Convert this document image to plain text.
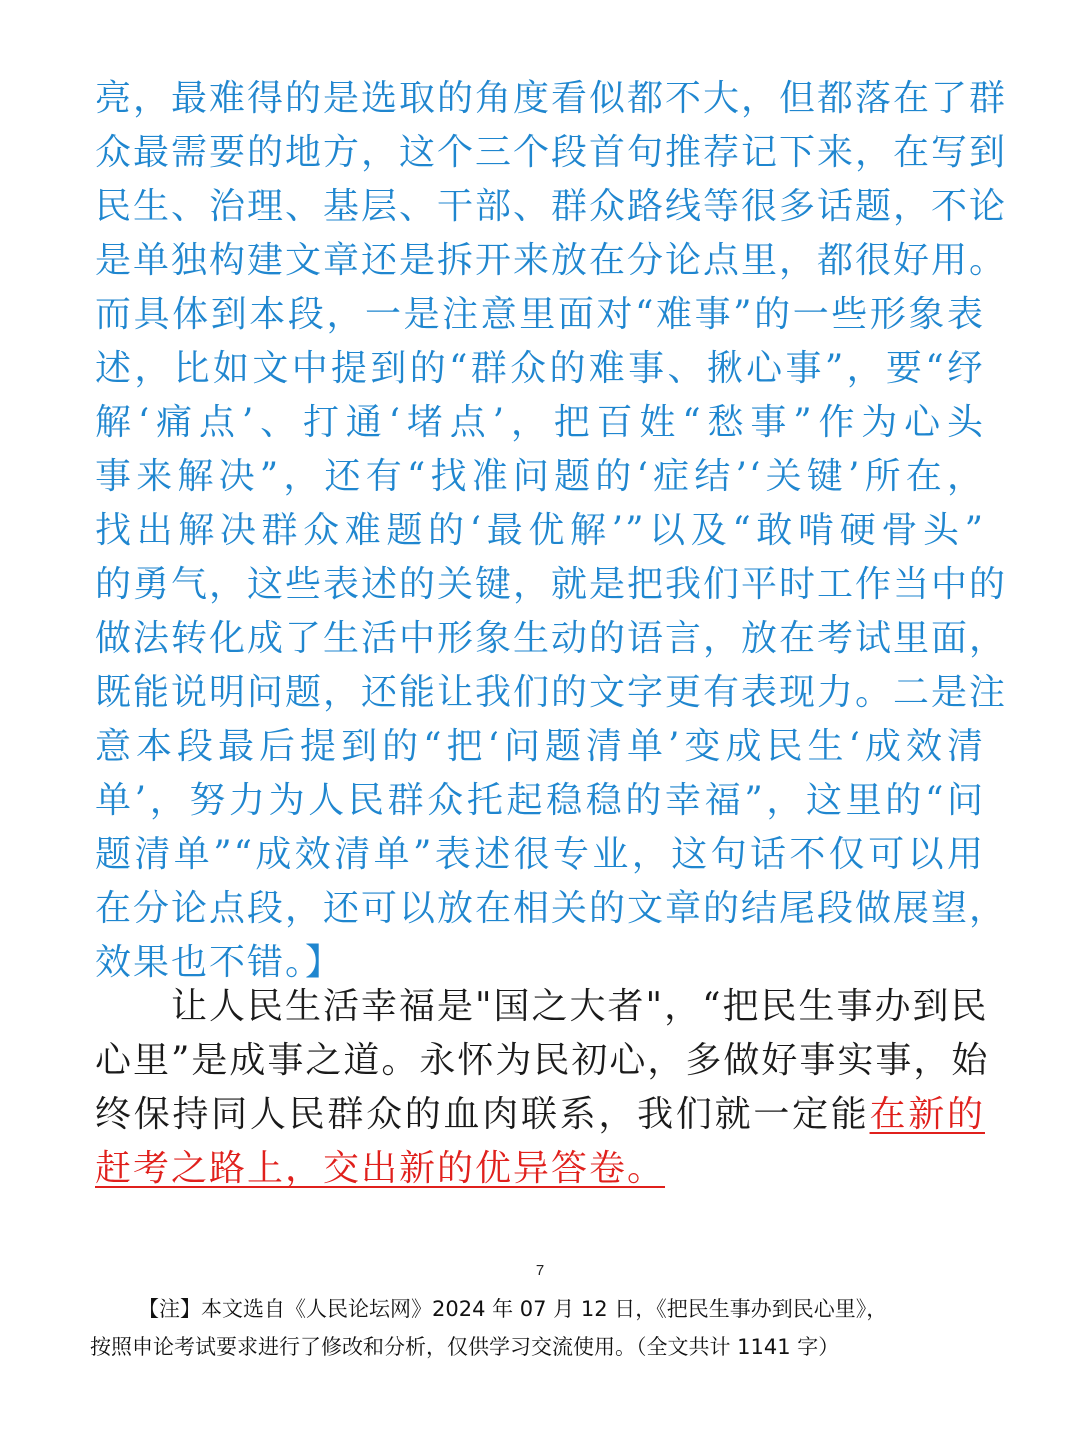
亮，最难得的是选取的角度看似都不大，但都落在了群
众最需要的地方，这个三个段首句推荐记下来，在写到
民生、治理、基层、干部、群众路线等很多话题，不论
是单独构建文章还是拆开来放在分论点里，都很好用。
而具体到本段，一是注意里面对“难事”的一些形象表
述，比如文中提到的“群众的难事、揪心事”，要“纾
解‘痛点’、打通‘堵点’，把百姓“愁事”作为心头
事来解决”，还有“找准问题的‘症结’‘关键’所在，
找出解决群众难题的‘最优解’”以及“敢啃硬骨头”
的勇气，这些表述的关键，就是把我们平时工作当中的
做法转化成了生活中形象生动的语言，放在考试里面，
既能说明问题，还能让我们的文字更有表现力。二是注
意本段最后提到的“把‘问题清单’变成民生‘成效清
单’，努力为人民群众托起稳稳的幸福”，这里的“问
题清单”“成效清单”表述很专业，这句话不仅可以用
在分论点段，还可以放在相关的文章的结尾段做展望，
效果也不错。】
　　让人民生活幸福是"国之大者"，“把民生事办到民
心里”是成事之道。永怀为民初心，多做好事实事，始
终保持同人民群众的血肉联系，我们就一定能在新的
赶考之路上，交出新的优异答卷。
7
【注】本文选自《人民论坛网》2024 年 07 月 12 日，《把民生事办到民心里》，
按照申论考试要求进行了修改和分析，仅供学习交流使用。（全文共计 1141 字）
